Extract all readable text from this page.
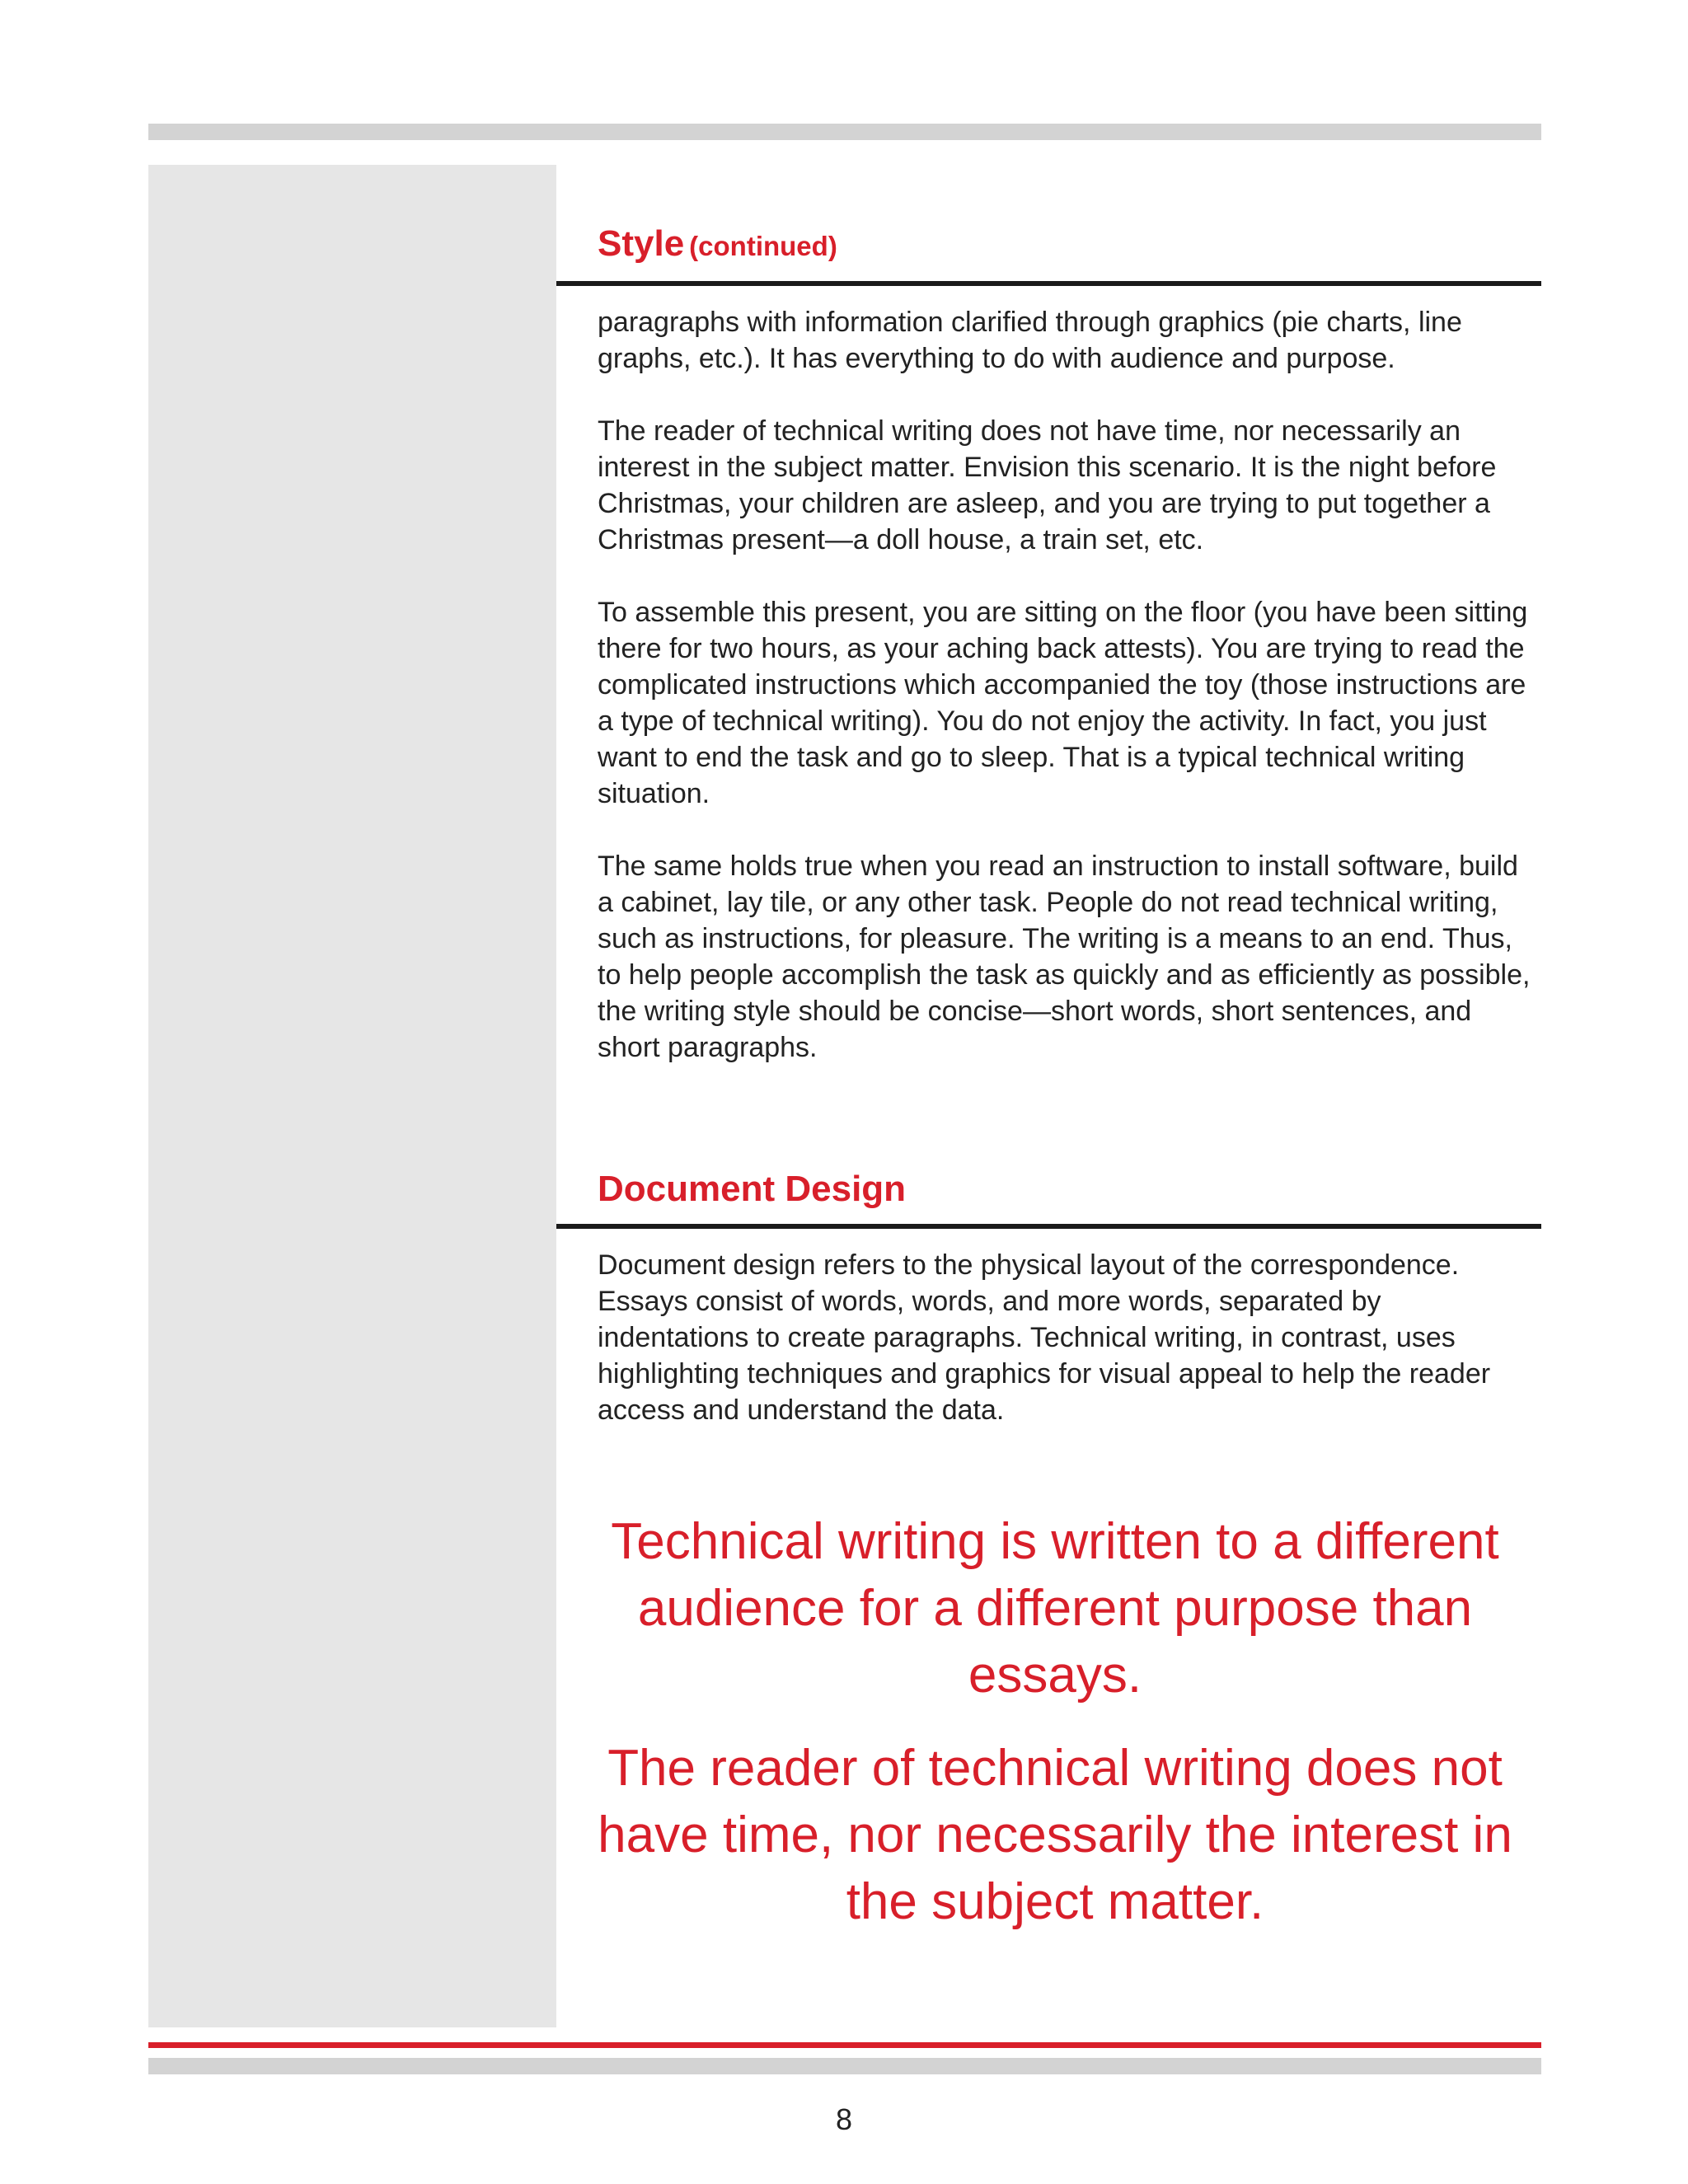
Style (continued)

paragraphs with information clarified through graphics (pie charts, line graphs, etc.). It has everything to do with audience and purpose.

The reader of technical writing does not have time, nor necessarily an interest in the subject matter. Envision this scenario. It is the night before Christmas, your children are asleep, and you are trying to put together a Christmas present—a doll house, a train set, etc.

To assemble this present, you are sitting on the floor (you have been sitting there for two hours, as your aching back attests). You are trying to read the complicated instructions which accompanied the toy (those instructions are a type of technical writing). You do not enjoy the activity. In fact, you just want to end the task and go to sleep. That is a typical technical writing situation.

The same holds true when you read an instruction to install software, build a cabinet, lay tile, or any other task. People do not read technical writing, such as instructions, for pleasure. The writing is a means to an end. Thus, to help people accomplish the task as quickly and as efficiently as possible, the writing style should be concise—short words, short sentences, and short paragraphs.

Document Design

Document design refers to the physical layout of the correspondence. Essays consist of words, words, and more words, separated by indentations to create paragraphs. Technical writing, in contrast, uses highlighting techniques and graphics for visual appeal to help the reader access and understand the data.

Technical writing is written to a different audience for a different purpose than essays.

The reader of technical writing does not have time, nor necessarily the interest in the subject matter.

8
